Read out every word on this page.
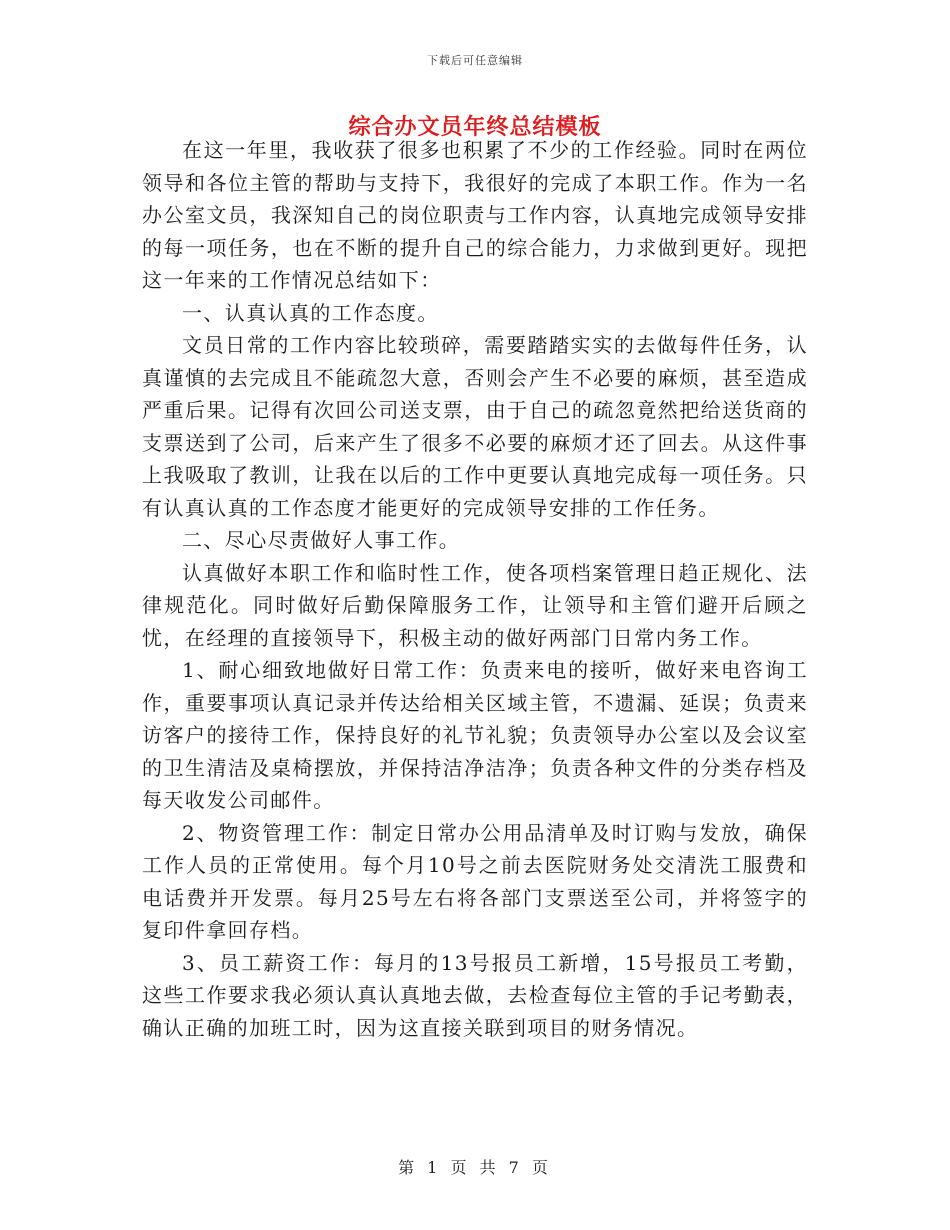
下载后可任意编辑
综合办文员年终总结模板

在这一年里，我收获了很多也积累了不少的工作经验。同时在两位领导和各位主管的帮助与支持下，我很好的完成了本职工作。作为一名办公室文员，我深知自己的岗位职责与工作内容，认真地完成领导安排的每一项任务，也在不断的提升自己的综合能力，力求做到更好。现把这一年来的工作情况总结如下：

一、认真认真的工作态度。

文员日常的工作内容比较琐碎，需要踏踏实实的去做每件任务，认真谨慎的去完成且不能疏忽大意，否则会产生不必要的麻烦，甚至造成严重后果。记得有次回公司送支票，由于自己的疏忽竟然把给送货商的支票送到了公司，后来产生了很多不必要的麻烦才还了回去。从这件事上我吸取了教训，让我在以后的工作中更要认真地完成每一项任务。只有认真认真的工作态度才能更好的完成领导安排的工作任务。

二、尽心尽责做好人事工作。

认真做好本职工作和临时性工作，使各项档案管理日趋正规化、法律规范化。同时做好后勤保障服务工作，让领导和主管们避开后顾之忧，在经理的直接领导下，积极主动的做好两部门日常内务工作。

1、耐心细致地做好日常工作：负责来电的接听，做好来电咨询工作，重要事项认真记录并传达给相关区域主管，不遗漏、延误；负责来访客户的接待工作，保持良好的礼节礼貌；负责领导办公室以及会议室的卫生清洁及桌椅摆放，并保持洁净洁净；负责各种文件的分类存档及每天收发公司邮件。

2、物资管理工作：制定日常办公用品清单及时订购与发放，确保工作人员的正常使用。每个月10号之前去医院财务处交清洗工服费和电话费并开发票。每月25号左右将各部门支票送至公司，并将签字的复印件拿回存档。

3、员工薪资工作：每月的13号报员工新增，15号报员工考勤，这些工作要求我必须认真认真地去做，去检查每位主管的手记考勤表，确认正确的加班工时，因为这直接关联到项目的财务情况。

第 1 页 共 7 页
